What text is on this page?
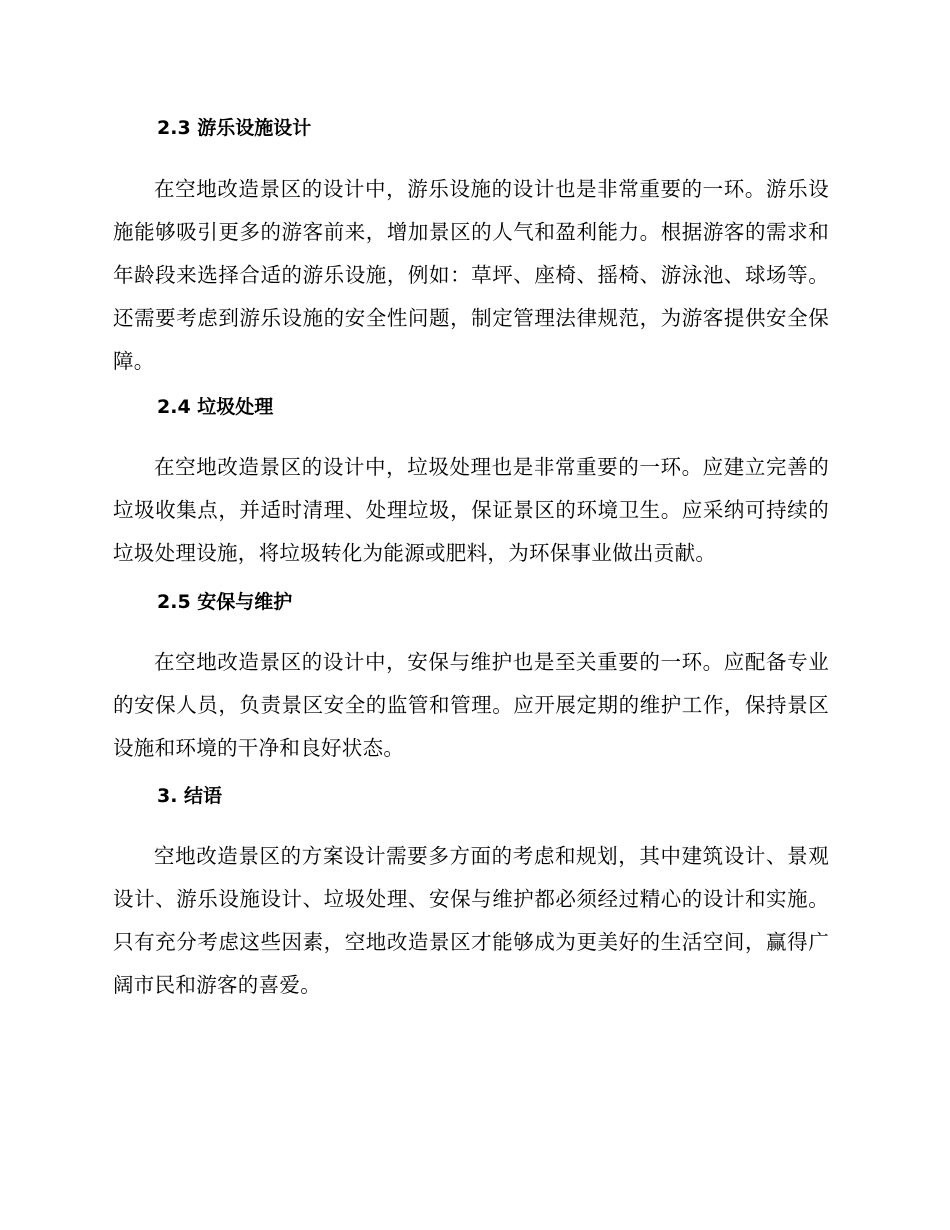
2.3 游乐设施设计

在空地改造景区的设计中，游乐设施的设计也是非常重要的一环。游乐设施能够吸引更多的游客前来，增加景区的人气和盈利能力。根据游客的需求和年龄段来选择合适的游乐设施，例如：草坪、座椅、摇椅、游泳池、球场等。还需要考虑到游乐设施的安全性问题，制定管理法律规范，为游客提供安全保障。

2.4 垃圾处理

在空地改造景区的设计中，垃圾处理也是非常重要的一环。应建立完善的垃圾收集点，并适时清理、处理垃圾，保证景区的环境卫生。应采纳可持续的垃圾处理设施，将垃圾转化为能源或肥料，为环保事业做出贡献。

2.5 安保与维护

在空地改造景区的设计中，安保与维护也是至关重要的一环。应配备专业的安保人员，负责景区安全的监管和管理。应开展定期的维护工作，保持景区设施和环境的干净和良好状态。

3. 结语

空地改造景区的方案设计需要多方面的考虑和规划，其中建筑设计、景观设计、游乐设施设计、垃圾处理、安保与维护都必须经过精心的设计和实施。只有充分考虑这些因素，空地改造景区才能够成为更美好的生活空间，赢得广阔市民和游客的喜爱。
